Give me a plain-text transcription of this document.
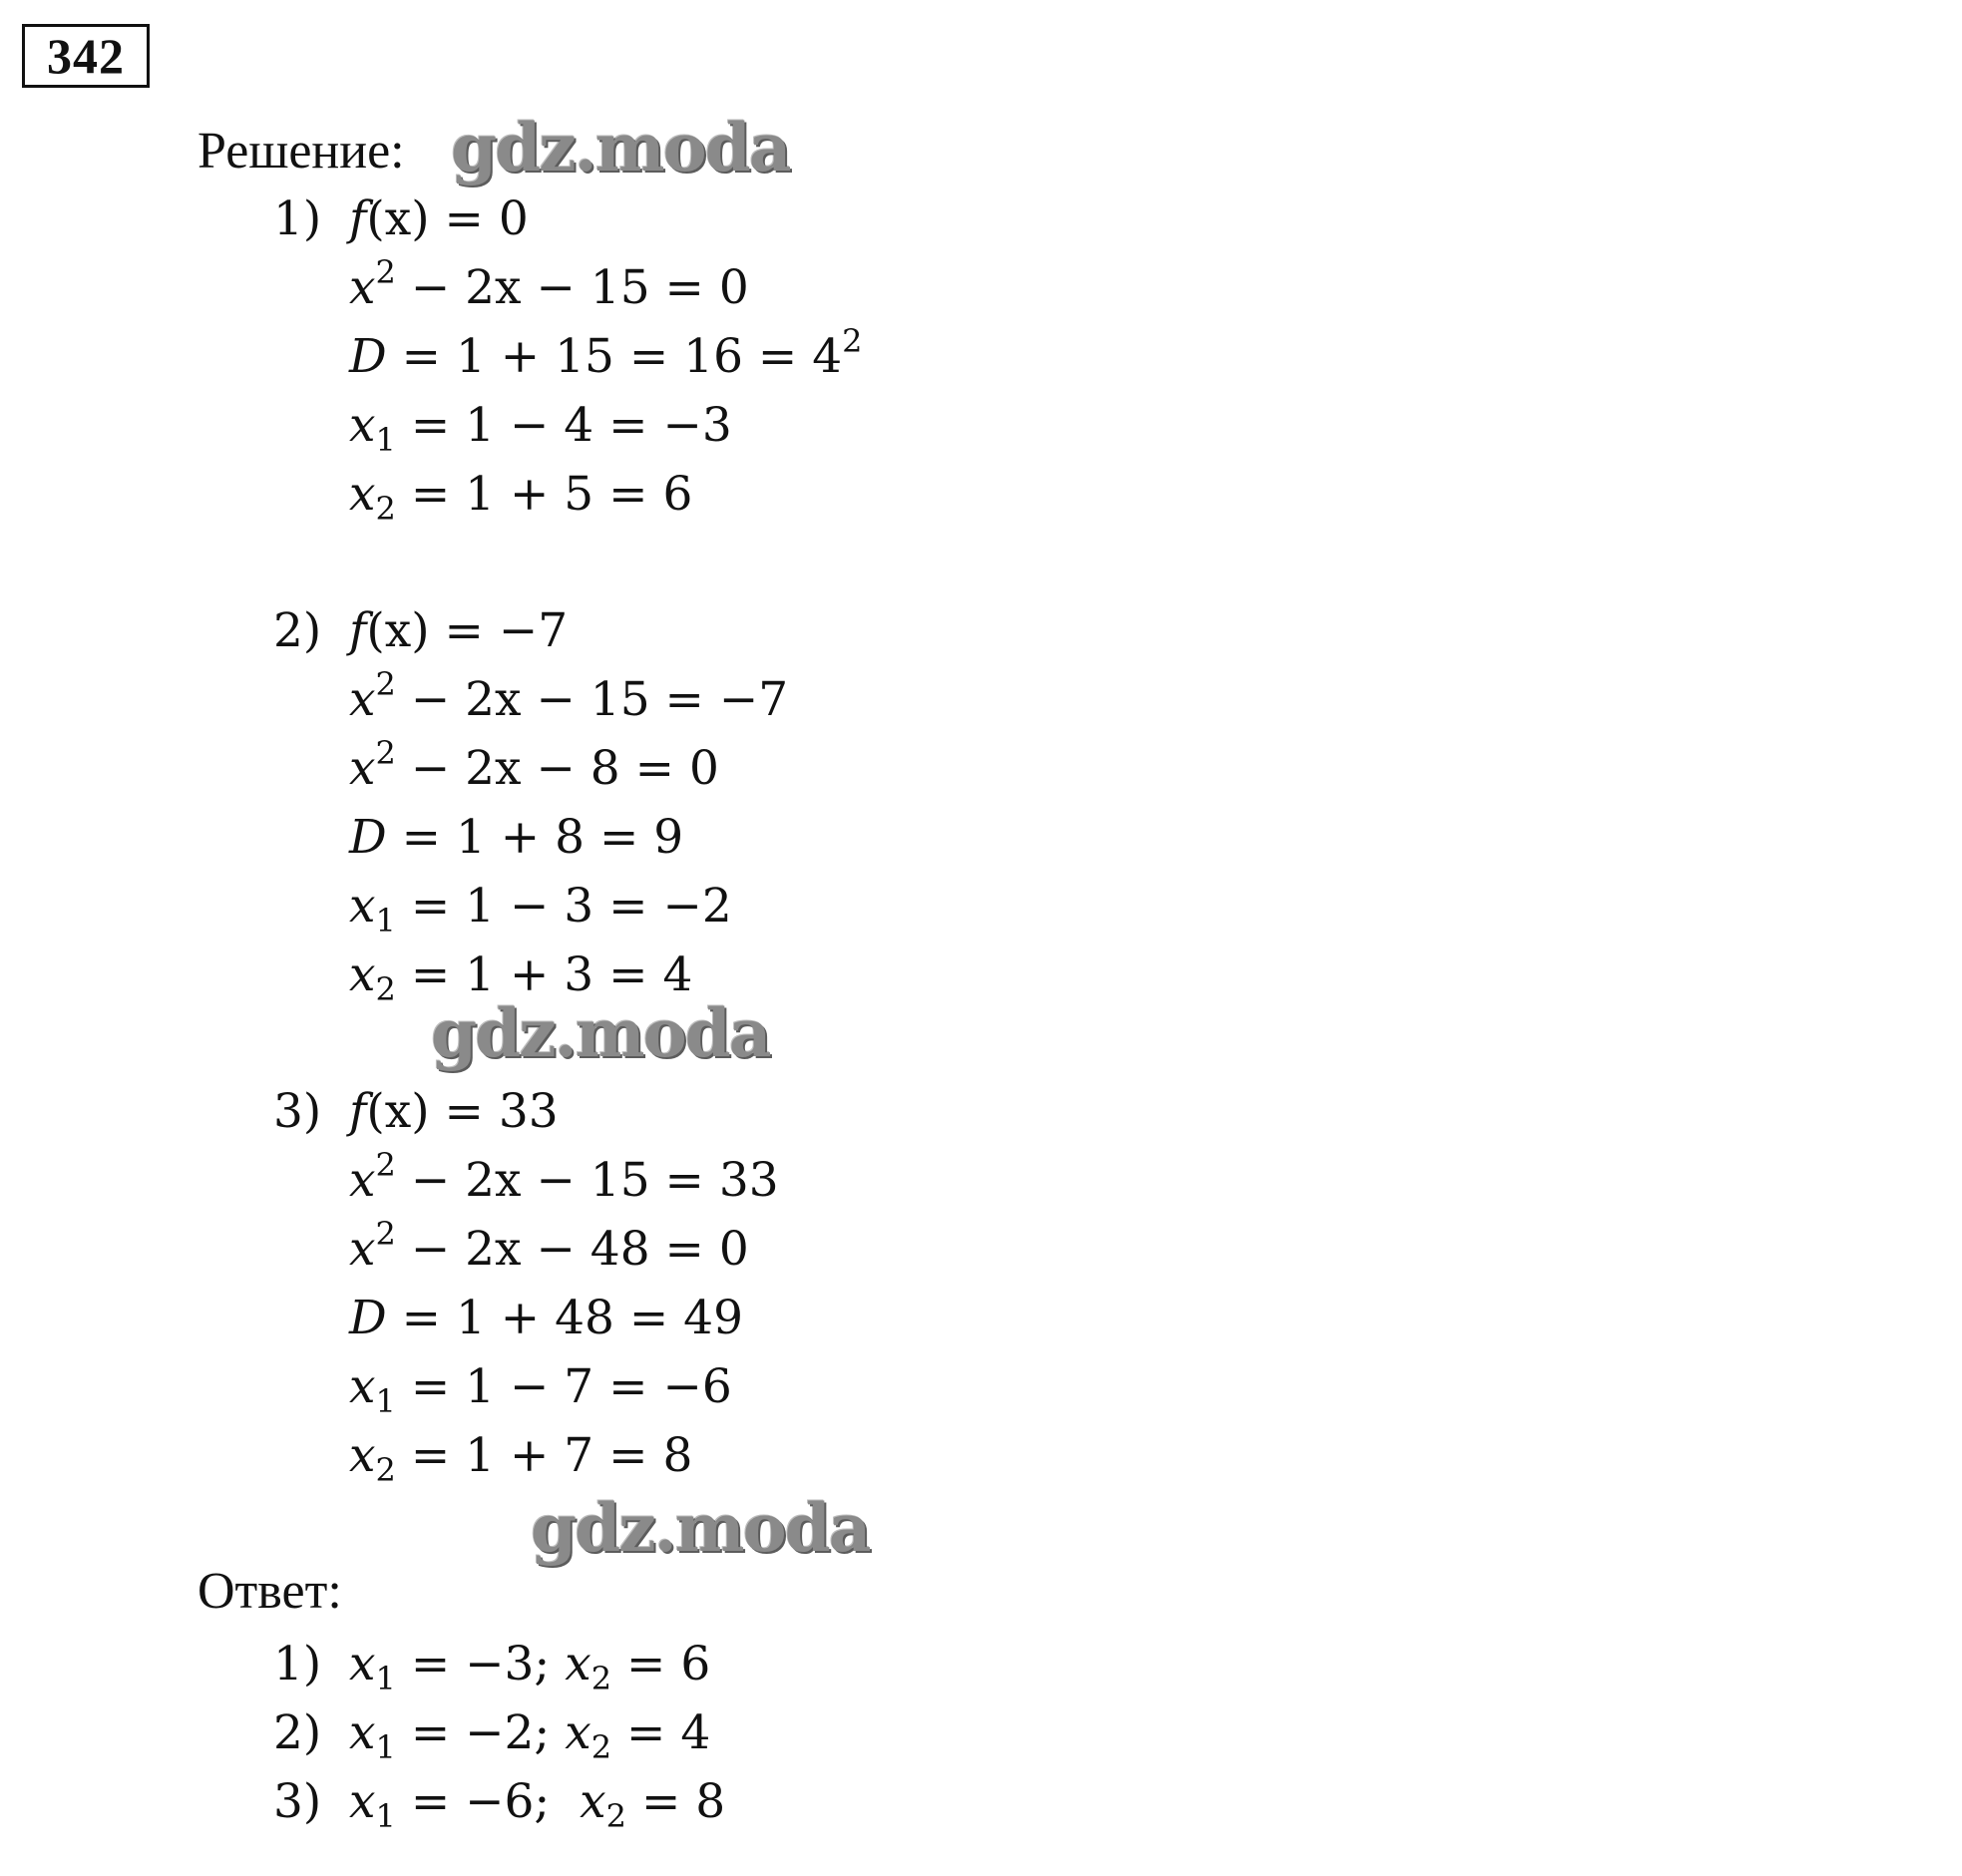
342
Решение: gdz.moda
1) f(x) = 0
$x^2 - 2x - 15 = 0$
$D = 1 + 15 = 16 = 4^2$
$x_1 = 1 - 4 = -3$
$x_2 = 1 + 5 = 6$
2) f(x) = −7
$x^2 - 2x - 15 = -7$
$x^2 - 2x - 8 = 0$
D = 1 + 8 = 9
$x_1 = 1 - 3 = -2$
$x_2 = 1 + 3 = 4$
gdz.moda
3) f(x) = 33
$x^2 - 2x - 15 = 33$
$x^2 - 2x - 48 = 0$
D = 1 + 48 = 49
$x_1 = 1 - 7 = -6$
$x_2 = 1 + 7 = 8$
gdz.moda
Ответ:
1) $x_1 = -3$; $x_2 = 6$
2) $x_1 = -2$; $x_2 = 4$
3) $x_1 = -6$;  $x_2 = 8$
